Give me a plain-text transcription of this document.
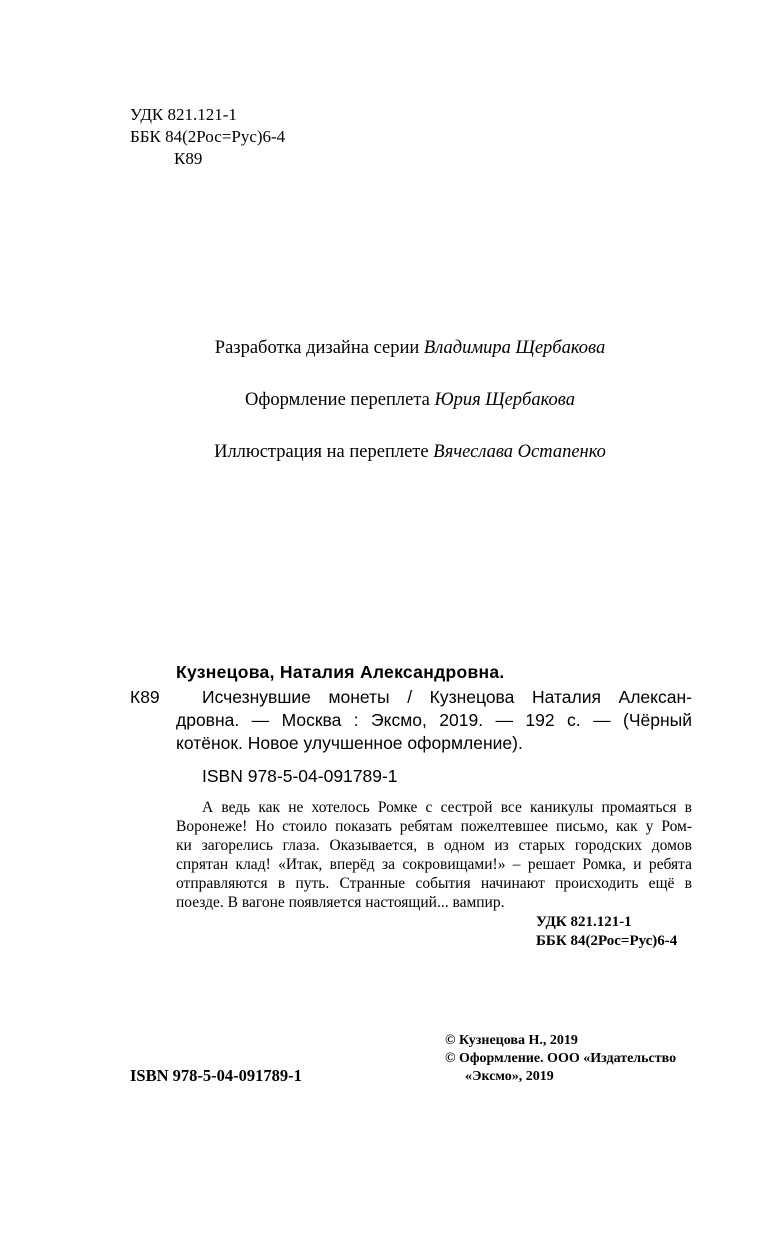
УДК 821.121-1
ББК 84(2Рос=Рус)6-4
К89
Разработка дизайна серии Владимира Щербакова
Оформление переплета Юрия Щербакова
Иллюстрация на переплете Вячеслава Остапенко
Кузнецова, Наталия Александровна.
К89	Исчезнувшие монеты / Кузнецова Наталия Алексан-
дровна. — Москва : Эксмо, 2019. — 192 с. — (Чёрный
котёнок. Новое улучшенное оформление).
ISBN 978-5-04-091789-1
А ведь как не хотелось Ромке с сестрой все каникулы промаяться в
Воронеже! Но стоило показать ребятам пожелтевшее письмо, как у Ром-
ки загорелись глаза. Оказывается, в одном из старых городских домов
спрятан клад! «Итак, вперёд за сокровищами!» – решает Ромка, и ребята
отправляются в путь. Странные события начинают происходить ещё в
поезде. В вагоне появляется настоящий... вампир.
УДК 821.121-1
ББК 84(2Рос=Рус)6-4
ISBN 978-5-04-091789-1
© Кузнецова Н., 2019
© Оформление. ООО «Издательство
«Эксмо», 2019
